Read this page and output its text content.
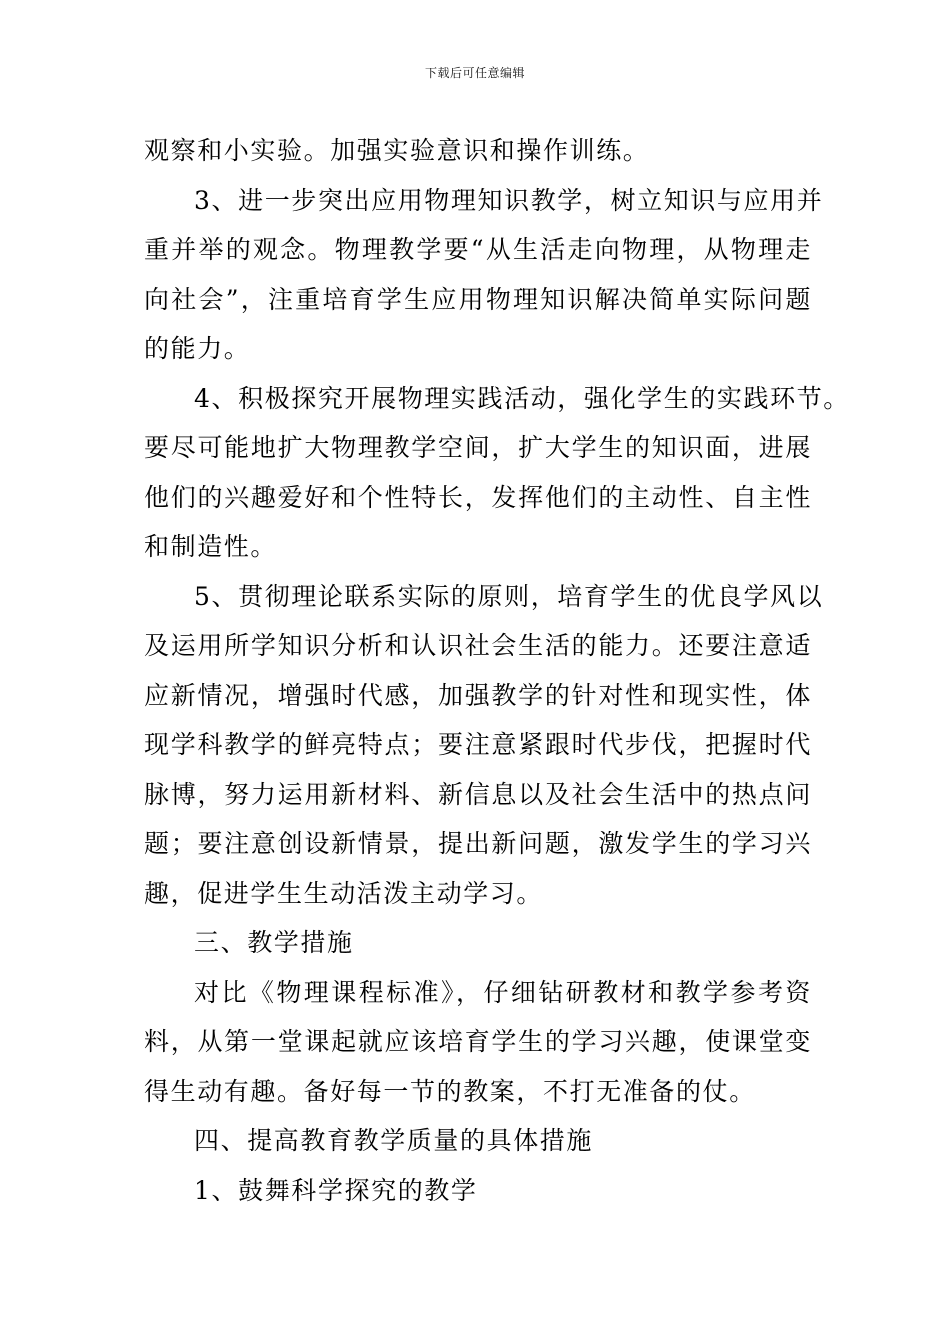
下载后可任意编辑
观察和小实验。加强实验意识和操作训练。
3、进一步突出应用物理知识教学，树立知识与应用并
重并举的观念。物理教学要“从生活走向物理，从物理走
向社会”，注重培育学生应用物理知识解决简单实际问题
的能力。
4、积极探究开展物理实践活动，强化学生的实践环节。
要尽可能地扩大物理教学空间，扩大学生的知识面，进展
他们的兴趣爱好和个性特长，发挥他们的主动性、自主性
和制造性。
5、贯彻理论联系实际的原则，培育学生的优良学风以
及运用所学知识分析和认识社会生活的能力。还要注意适
应新情况，增强时代感，加强教学的针对性和现实性，体
现学科教学的鲜亮特点；要注意紧跟时代步伐，把握时代
脉博，努力运用新材料、新信息以及社会生活中的热点问
题；要注意创设新情景，提出新问题，激发学生的学习兴
趣，促进学生生动活泼主动学习。
三、教学措施
对比《物理课程标准》，仔细钻研教材和教学参考资
料，从第一堂课起就应该培育学生的学习兴趣，使课堂变
得生动有趣。备好每一节的教案，不打无准备的仗。
四、提高教育教学质量的具体措施
1、鼓舞科学探究的教学
